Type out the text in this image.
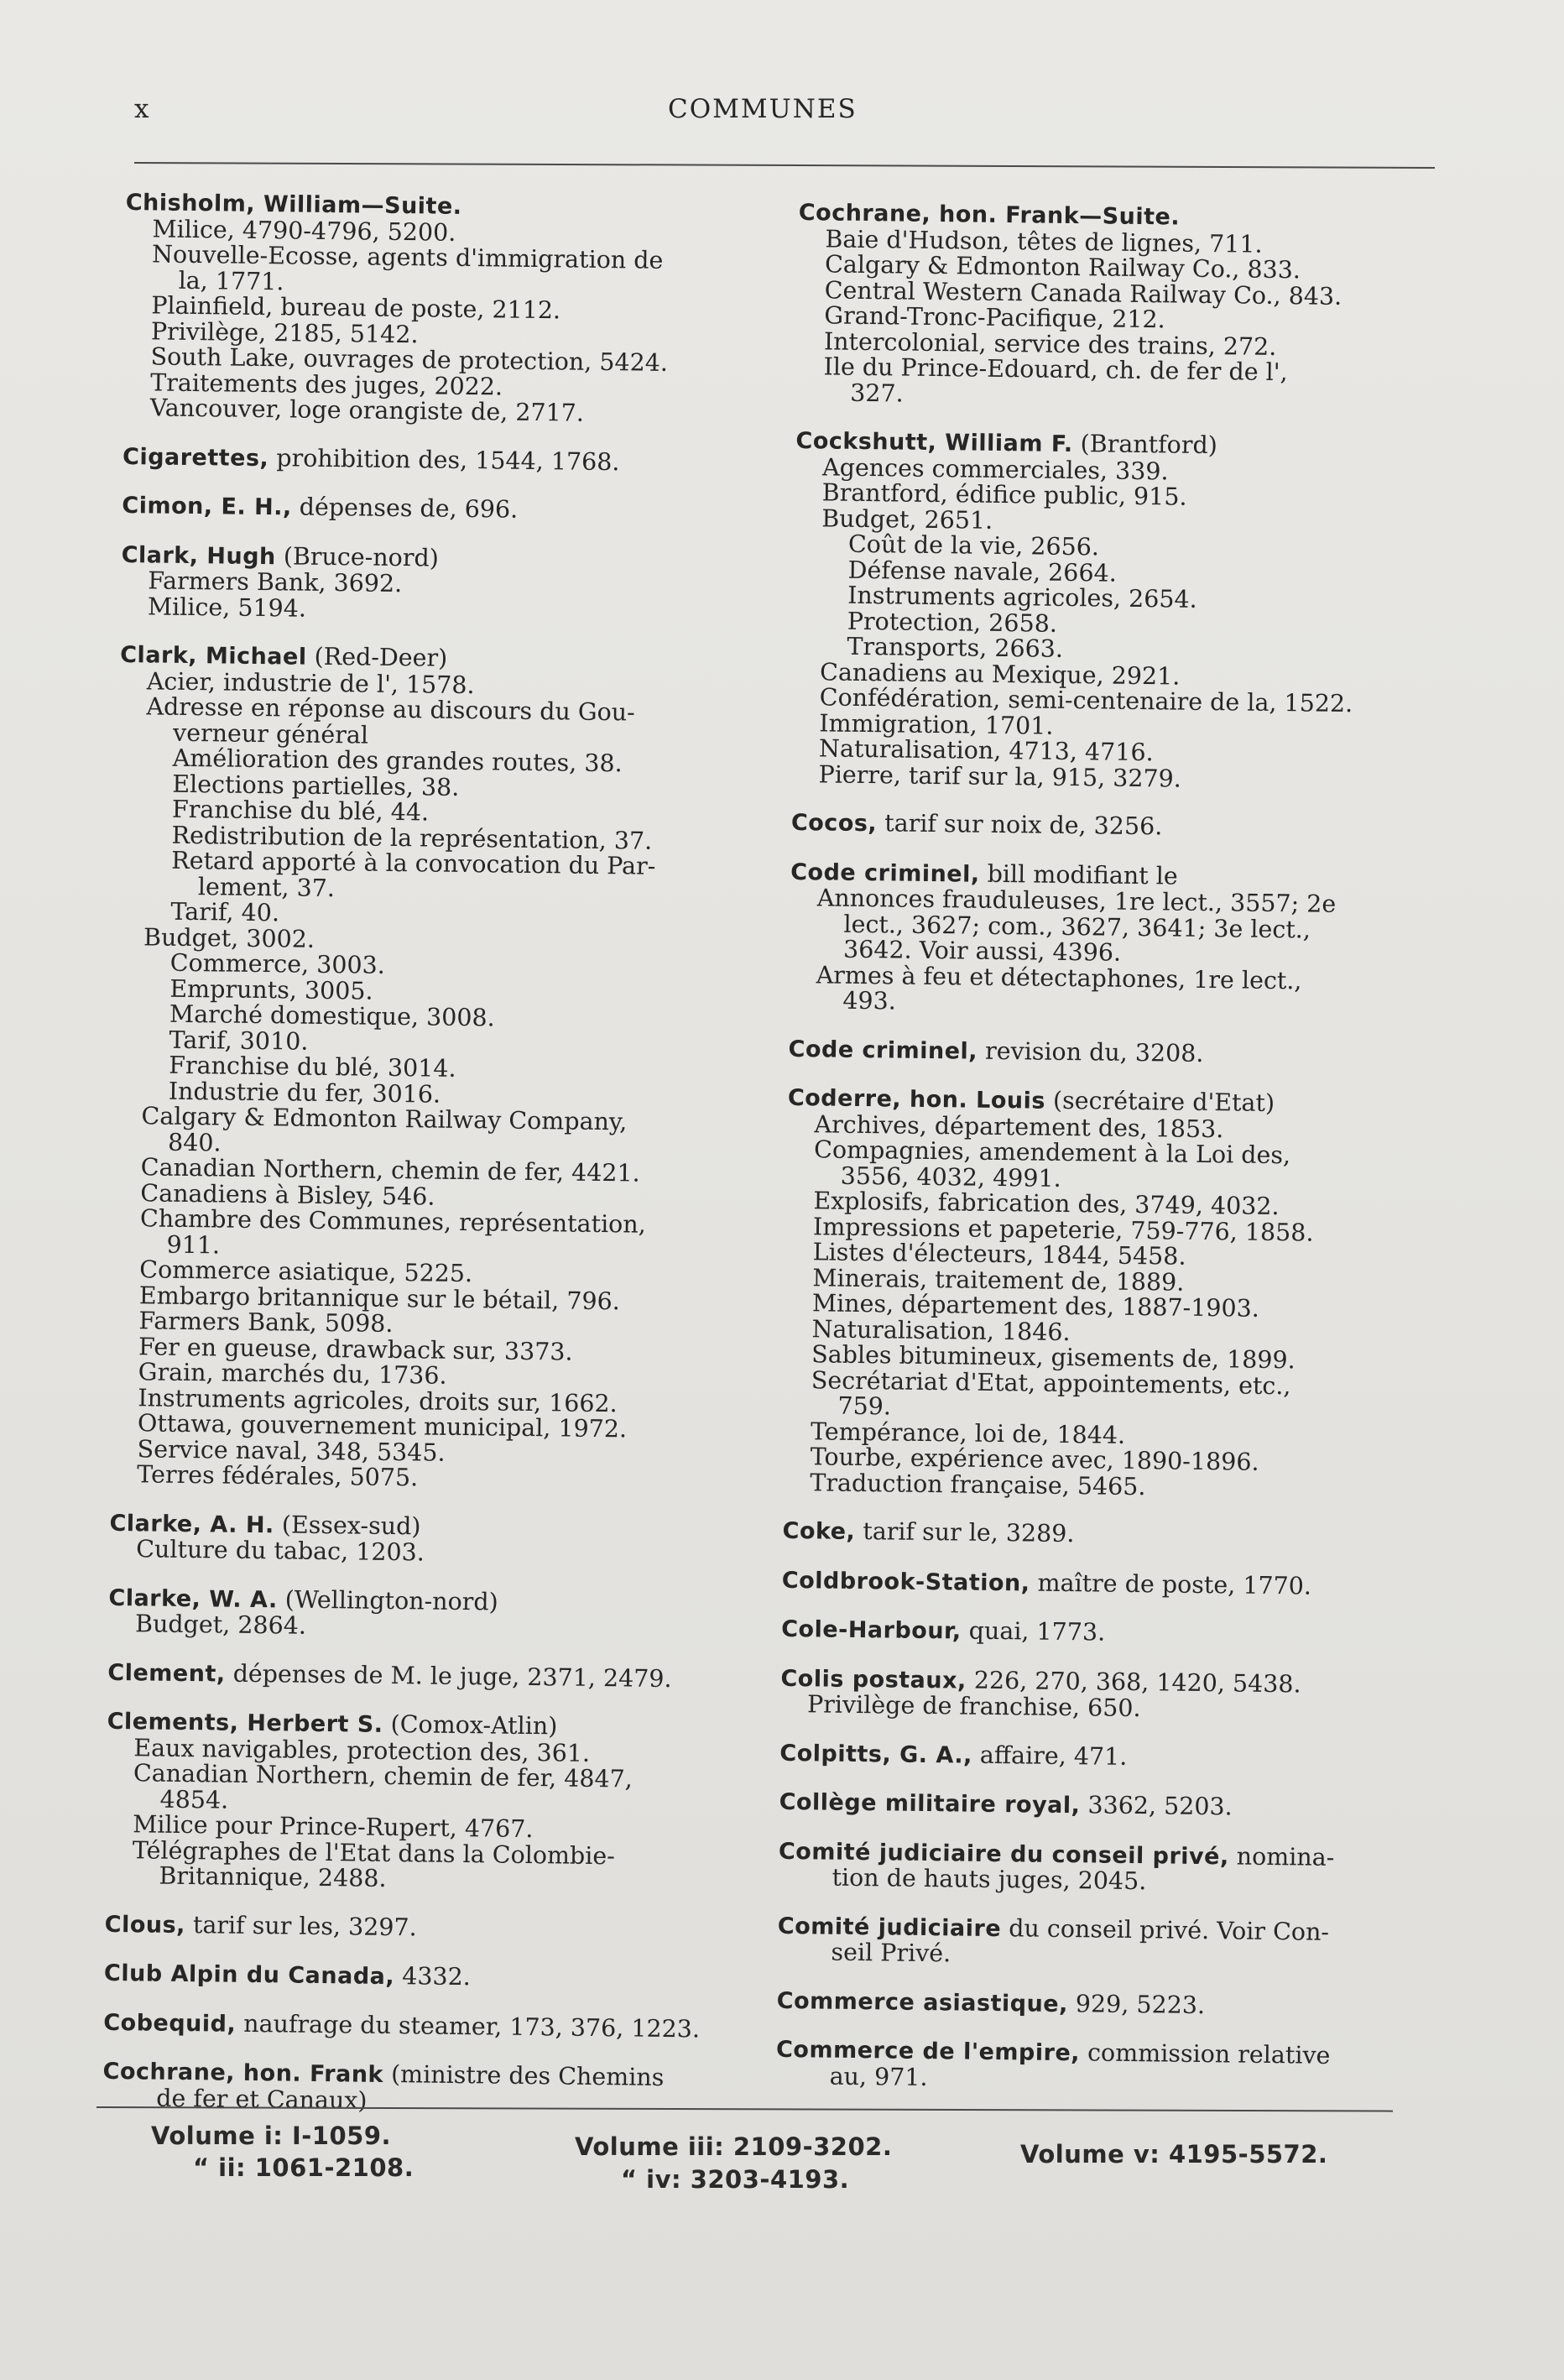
x	COMMUNES
Chisholm, William—Suite.
Milice, 4790-4796, 5200.
Nouvelle-Ecosse, agents d'immigration de
la, 1771.
Plainfield, bureau de poste, 2112.
Privilège, 2185, 5142.
South Lake, ouvrages de protection, 5424.
Traitements des juges, 2022.
Vancouver, loge orangiste de, 2717.
Cigarettes, prohibition des, 1544, 1768.
Cimon, E. H., dépenses de, 696.
Clark, Hugh (Bruce-nord)
Farmers Bank, 3692.
Milice, 5194.
Clark, Michael (Red-Deer)
Acier, industrie de l', 1578.
Adresse en réponse au discours du Gou-
verneur général
Amélioration des grandes routes, 38.
Elections partielles, 38.
Franchise du blé, 44.
Redistribution de la représentation, 37.
Retard apporté à la convocation du Par-
lement, 37.
Tarif, 40.
Budget, 3002.
Commerce, 3003.
Emprunts, 3005.
Marché domestique, 3008.
Tarif, 3010.
Franchise du blé, 3014.
Industrie du fer, 3016.
Calgary & Edmonton Railway Company,
840.
Canadian Northern, chemin de fer, 4421.
Canadiens à Bisley, 546.
Chambre des Communes, représentation,
911.
Commerce asiatique, 5225.
Embargo britannique sur le bétail, 796.
Farmers Bank, 5098.
Fer en gueuse, drawback sur, 3373.
Grain, marchés du, 1736.
Instruments agricoles, droits sur, 1662.
Ottawa, gouvernement municipal, 1972.
Service naval, 348, 5345.
Terres fédérales, 5075.
Clarke, A. H. (Essex-sud)
Culture du tabac, 1203.
Clarke, W. A. (Wellington-nord)
Budget, 2864.
Clement, dépenses de M. le juge, 2371, 2479.
Clements, Herbert S. (Comox-Atlin)
Eaux navigables, protection des, 361.
Canadian Northern, chemin de fer, 4847,
4854.
Milice pour Prince-Rupert, 4767.
Télégraphes de l'Etat dans la Colombie-
Britannique, 2488.
Clous, tarif sur les, 3297.
Club Alpin du Canada, 4332.
Cobequid, naufrage du steamer, 173, 376, 1223.
Cochrane, hon. Frank (ministre des Chemins
de fer et Canaux)
Cochrane, hon. Frank—Suite.
Baie d'Hudson, têtes de lignes, 711.
Calgary & Edmonton Railway Co., 833.
Central Western Canada Railway Co., 843.
Grand-Tronc-Pacifique, 212.
Intercolonial, service des trains, 272.
Ile du Prince-Edouard, ch. de fer de l',
327.
Cockshutt, William F. (Brantford)
Agences commerciales, 339.
Brantford, édifice public, 915.
Budget, 2651.
Coût de la vie, 2656.
Défense navale, 2664.
Instruments agricoles, 2654.
Protection, 2658.
Transports, 2663.
Canadiens au Mexique, 2921.
Confédération, semi-centenaire de la, 1522.
Immigration, 1701.
Naturalisation, 4713, 4716.
Pierre, tarif sur la, 915, 3279.
Cocos, tarif sur noix de, 3256.
Code criminel, bill modifiant le
Annonces frauduleuses, 1re lect., 3557; 2e
lect., 3627; com., 3627, 3641; 3e lect.,
3642. Voir aussi, 4396.
Armes à feu et détectaphones, 1re lect.,
493.
Code criminel, revision du, 3208.
Coderre, hon. Louis (secrétaire d'Etat)
Archives, département des, 1853.
Compagnies, amendement à la Loi des,
3556, 4032, 4991.
Explosifs, fabrication des, 3749, 4032.
Impressions et papeterie, 759-776, 1858.
Listes d'électeurs, 1844, 5458.
Minerais, traitement de, 1889.
Mines, département des, 1887-1903.
Naturalisation, 1846.
Sables bitumineux, gisements de, 1899.
Secrétariat d'Etat, appointements, etc.,
759.
Tempérance, loi de, 1844.
Tourbe, expérience avec, 1890-1896.
Traduction française, 5465.
Coke, tarif sur le, 3289.
Coldbrook-Station, maître de poste, 1770.
Cole-Harbour, quai, 1773.
Colis postaux, 226, 270, 368, 1420, 5438.
Privilège de franchise, 650.
Colpitts, G. A., affaire, 471.
Collège militaire royal, 3362, 5203.
Comité judiciaire du conseil privé, nomina-
tion de hauts juges, 2045.
Comité judiciaire du conseil privé. Voir Con-
seil Privé.
Commerce asiastique, 929, 5223.
Commerce de l'empire, commission relative
au, 971.
Volume i: I-1059.
“ ii: 1061-2108.
Volume iii: 2109-3202.
“ iv: 3203-4193.
Volume v: 4195-5572.
